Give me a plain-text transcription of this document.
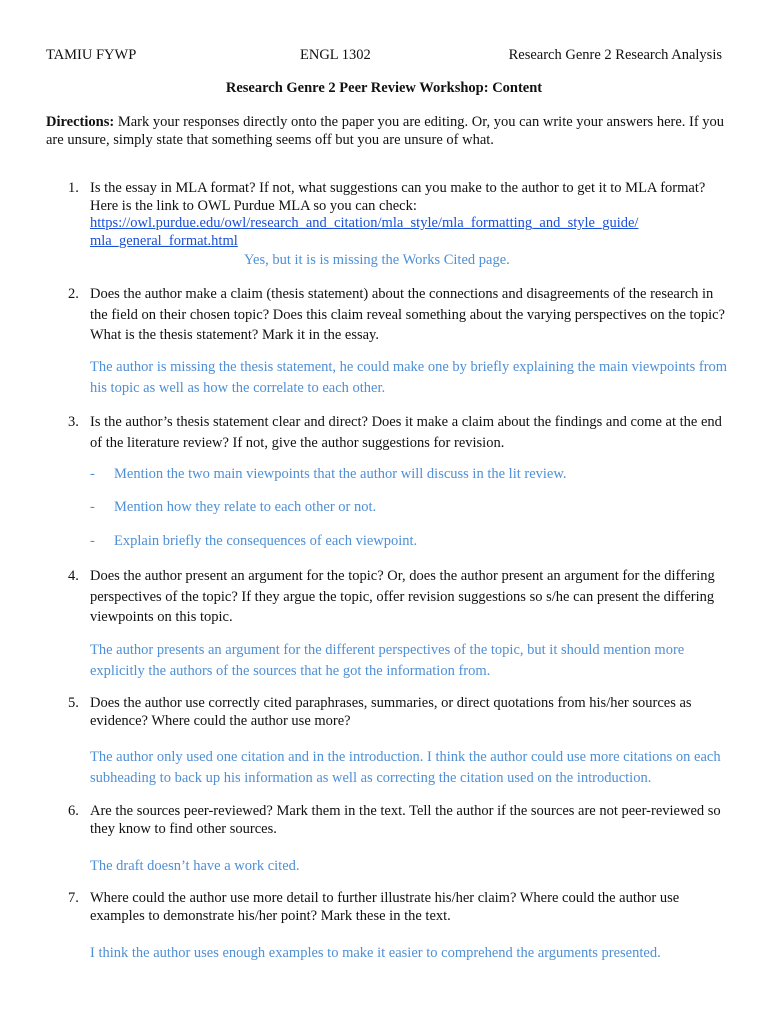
TAMIU FYWP	ENGL 1302	Research Genre 2 Research Analysis
Research Genre 2 Peer Review Workshop: Content
Directions: Mark your responses directly onto the paper you are editing. Or, you can write your answers here. If you are unsure, simply state that something seems off but you are unsure of what.
1. Is the essay in MLA format? If not, what suggestions can you make to the author to get it to MLA format? Here is the link to OWL Purdue MLA so you can check:
https://owl.purdue.edu/owl/research_and_citation/mla_style/mla_formatting_and_style_guide/
mla_general_format.html
Yes, but it is is missing the Works Cited page.
2. Does the author make a claim (thesis statement) about the connections and disagreements of the research in the field on their chosen topic? Does this claim reveal something about the varying perspectives on the topic? What is the thesis statement? Mark it in the essay.
The author is missing the thesis statement, he could make one by briefly explaining the main viewpoints from his topic as well as how the correlate to each other.
3. Is the author’s thesis statement clear and direct? Does it make a claim about the findings and come at the end of the literature review? If not, give the author suggestions for revision.
- Mention the two main viewpoints that the author will discuss in the lit review.
- Mention how they relate to each other or not.
- Explain briefly the consequences of each viewpoint.
4. Does the author present an argument for the topic? Or, does the author present an argument for the differing perspectives of the topic? If they argue the topic, offer revision suggestions so s/he can present the differing viewpoints on this topic.
The author presents an argument for the different perspectives of the topic, but it should mention more explicitly the authors of the sources that he got the information from.
5. Does the author use correctly cited paraphrases, summaries, or direct quotations from his/her sources as evidence? Where could the author use more?
The author only used one citation and in the introduction. I think the author could use more citations on each subheading to back up his information as well as correcting the citation used on the introduction.
6. Are the sources peer-reviewed? Mark them in the text. Tell the author if the sources are not peer-reviewed so they know to find other sources.
The draft doesn’t have a work cited.
7. Where could the author use more detail to further illustrate his/her claim? Where could the author use examples to demonstrate his/her point? Mark these in the text.
I think the author uses enough examples to make it easier to comprehend the arguments presented.
